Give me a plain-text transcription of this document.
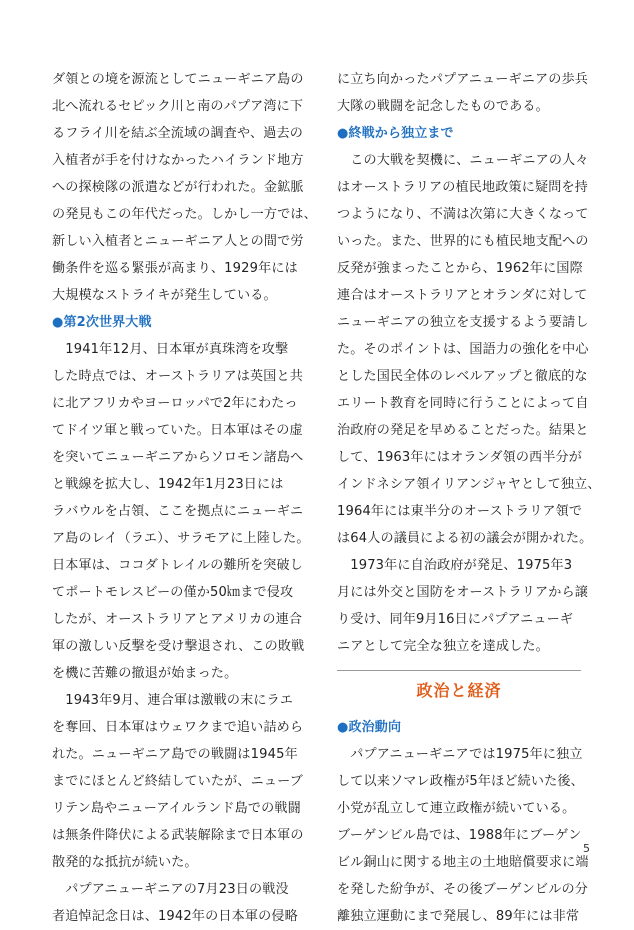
ダ領との境を源流としてニューギニア島の
北へ流れるセピック川と南のパプア湾に下
るフライ川を結ぶ全流域の調査や、過去の
入植者が手を付けなかったハイランド地方
への探検隊の派遣などが行われた。金鉱脈
の発見もこの年代だった。しかし一方では、
新しい入植者とニューギニア人との間で労
働条件を巡る緊張が高まり、1929年には
大規模なストライキが発生している。
●第2次世界大戦
　1941年12月、日本軍が真珠湾を攻撃
した時点では、オーストラリアは英国と共
に北アフリカやヨーロッパで2年にわたっ
てドイツ軍と戦っていた。日本軍はその虚
を突いてニューギニアからソロモン諸島へ
と戦線を拡大し、1942年1月23日には
ラバウルを占領、ここを拠点にニューギニ
ア島のレイ（ラエ）、サラモアに上陸した。
日本軍は、ココダトレイルの難所を突破し
てポートモレスビーの僅か50㎞まで侵攻
したが、オーストラリアとアメリカの連合
軍の激しい反撃を受け撃退され、この敗戦
を機に苦難の撤退が始まった。
　1943年9月、連合軍は激戦の末にラエ
を奪回、日本軍はウェワクまで追い詰めら
れた。ニューギニア島での戦闘は1945年
までにほとんど終結していたが、ニューブ
リテン島やニューアイルランド島での戦闘
は無条件降伏による武装解除まで日本軍の
散発的な抵抗が続いた。
　パプアニューギニアの7月23日の戦没
者追悼記念日は、1942年の日本軍の侵略
に立ち向かったパプアニューギニアの歩兵
大隊の戦闘を記念したものである。
●終戦から独立まで
　この大戦を契機に、ニューギニアの人々
はオーストラリアの植民地政策に疑問を持
つようになり、不満は次第に大きくなって
いった。また、世界的にも植民地支配への
反発が強まったことから、1962年に国際
連合はオーストラリアとオランダに対して
ニューギニアの独立を支援するよう要請し
た。そのポイントは、国語力の強化を中心
とした国民全体のレベルアップと徹底的な
エリート教育を同時に行うことによって自
治政府の発足を早めることだった。結果と
して、1963年にはオランダ領の西半分が
インドネシア領イリアンジャヤとして独立、
1964年には東半分のオーストラリア領で
は64人の議員による初の議会が開かれた。
　1973年に自治政府が発足、1975年3
月には外交と国防をオーストラリアから譲
り受け、同年9月16日にパプアニューギ
ニアとして完全な独立を達成した。
政治と経済
●政治動向
　パプアニューギニアでは1975年に独立
して以来ソマレ政権が5年ほど続いた後、
小党が乱立して連立政権が続いている。
ブーゲンビル島では、1988年にブーゲン
ビル銅山に関する地主の土地賠償要求に端
を発した紛争が、その後ブーゲンビルの分
離独立運動にまで発展し、89年には非常
5
